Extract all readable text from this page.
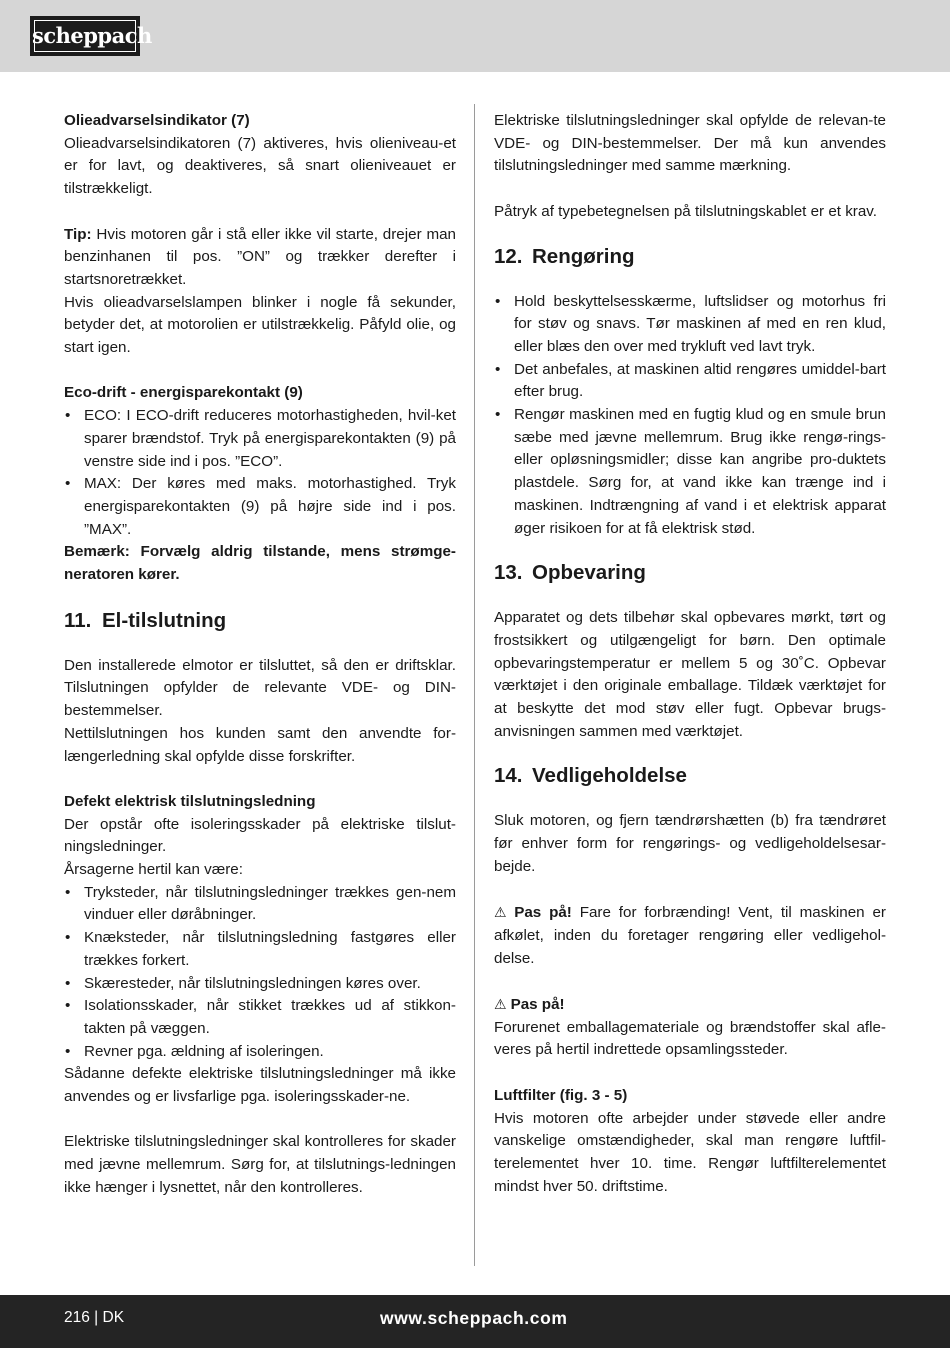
scheppach

Olieadvarselsindikator (7)

Olieadvarselsindikatoren (7) aktiveres, hvis olieniveau-et er for lavt, og deaktiveres, så snart olieniveauet er tilstrækkeligt.

Tip: Hvis motoren går i stå eller ikke vil starte, drejer man benzinhanen til pos. ”ON” og trækker derefter i startsnoretrækket.

Hvis olieadvarselslampen blinker i nogle få sekunder, betyder det, at motorolien er utilstrækkelig. Påfyld olie, og start igen.

Eco-drift - energisparekontakt (9)

• ECO: I ECO-drift reduceres motorhastigheden, hvil-ket sparer brændstof. Tryk på energisparekontakten (9) på venstre side ind i pos. ”ECO”.
• MAX: Der køres med maks. motorhastighed. Tryk energisparekontakten (9) på højre side ind i pos. ”MAX”.

Bemærk: Forvælg aldrig tilstande, mens strømge-neratoren kører.

11. El-tilslutning

Den installerede elmotor er tilsluttet, så den er driftsklar. Tilslutningen opfylder de relevante VDE- og DIN-bestemmelser.

Nettilslutningen hos kunden samt den anvendte for-længerledning skal opfylde disse forskrifter.

Defekt elektrisk tilslutningsledning

Der opstår ofte isoleringsskader på elektriske tilslut-ningsledninger.

Årsagerne hertil kan være:

• Tryksteder, når tilslutningsledninger trækkes gen-nem vinduer eller døråbninger.
• Knæksteder, når tilslutningsledning fastgøres eller trækkes forkert.
• Skæresteder, når tilslutningsledningen køres over.
• Isolationsskader, når stikket trækkes ud af stikkon-takten på væggen.
• Revner pga. ældning af isoleringen.

Sådanne defekte elektriske tilslutningsledninger må ikke anvendes og er livsfarlige pga. isoleringsskader-ne.

Elektriske tilslutningsledninger skal kontrolleres for skader med jævne mellemrum. Sørg for, at tilslutnings-ledningen ikke hænger i lysnettet, når den kontrolleres.

Elektriske tilslutningsledninger skal opfylde de relevan-te VDE- og DIN-bestemmelser. Der må kun anvendes tilslutningsledninger med samme mærkning.

Påtryk af typebetegnelsen på tilslutningskablet er et krav.

12. Rengøring
• Hold beskyttelsesskærme, luftslidser og motorhus fri for støv og snavs. Tør maskinen af med en ren klud, eller blæs den over med trykluft ved lavt tryk.
• Det anbefales, at maskinen altid rengøres umiddel-bart efter brug.
• Rengør maskinen med en fugtig klud og en smule brun sæbe med jævne mellemrum. Brug ikke rengø-rings- eller opløsningsmidler; disse kan angribe pro-duktets plastdele. Sørg for, at vand ikke kan trænge ind i maskinen. Indtrængning af vand i et elektrisk apparat øger risikoen for at få elektrisk stød.
13. Opbevaring

Apparatet og dets tilbehør skal opbevares mørkt, tørt og frostsikkert og utilgængeligt for børn. Den optimale opbevaringstemperatur er mellem 5 og 30˚C. Opbevar værktøjet i den originale emballage. Tildæk værktøjet for at beskytte det mod støv eller fugt. Opbevar brugs-anvisningen sammen med værktøjet.

14. Vedligeholdelse

Sluk motoren, og fjern tændrørshætten (b) fra tændrøret før enhver form for rengørings- og vedligeholdelsesar-bejde.

⚠ Pas på! Fare for forbrænding! Vent, til maskinen er afkølet, inden du foretager rengøring eller vedligehol-delse.

⚠ Pas på!

Forurenet emballagemateriale og brændstoffer skal afle-veres på hertil indrettede opsamlingssteder.

Luftfilter (fig. 3 - 5)

Hvis motoren ofte arbejder under støvede eller andre vanskelige omstændigheder, skal man rengøre luftfil-terelementet hver 10. time. Rengør luftfilterelementet mindst hver 50. driftstime.

216 | DK	www.scheppach.com
